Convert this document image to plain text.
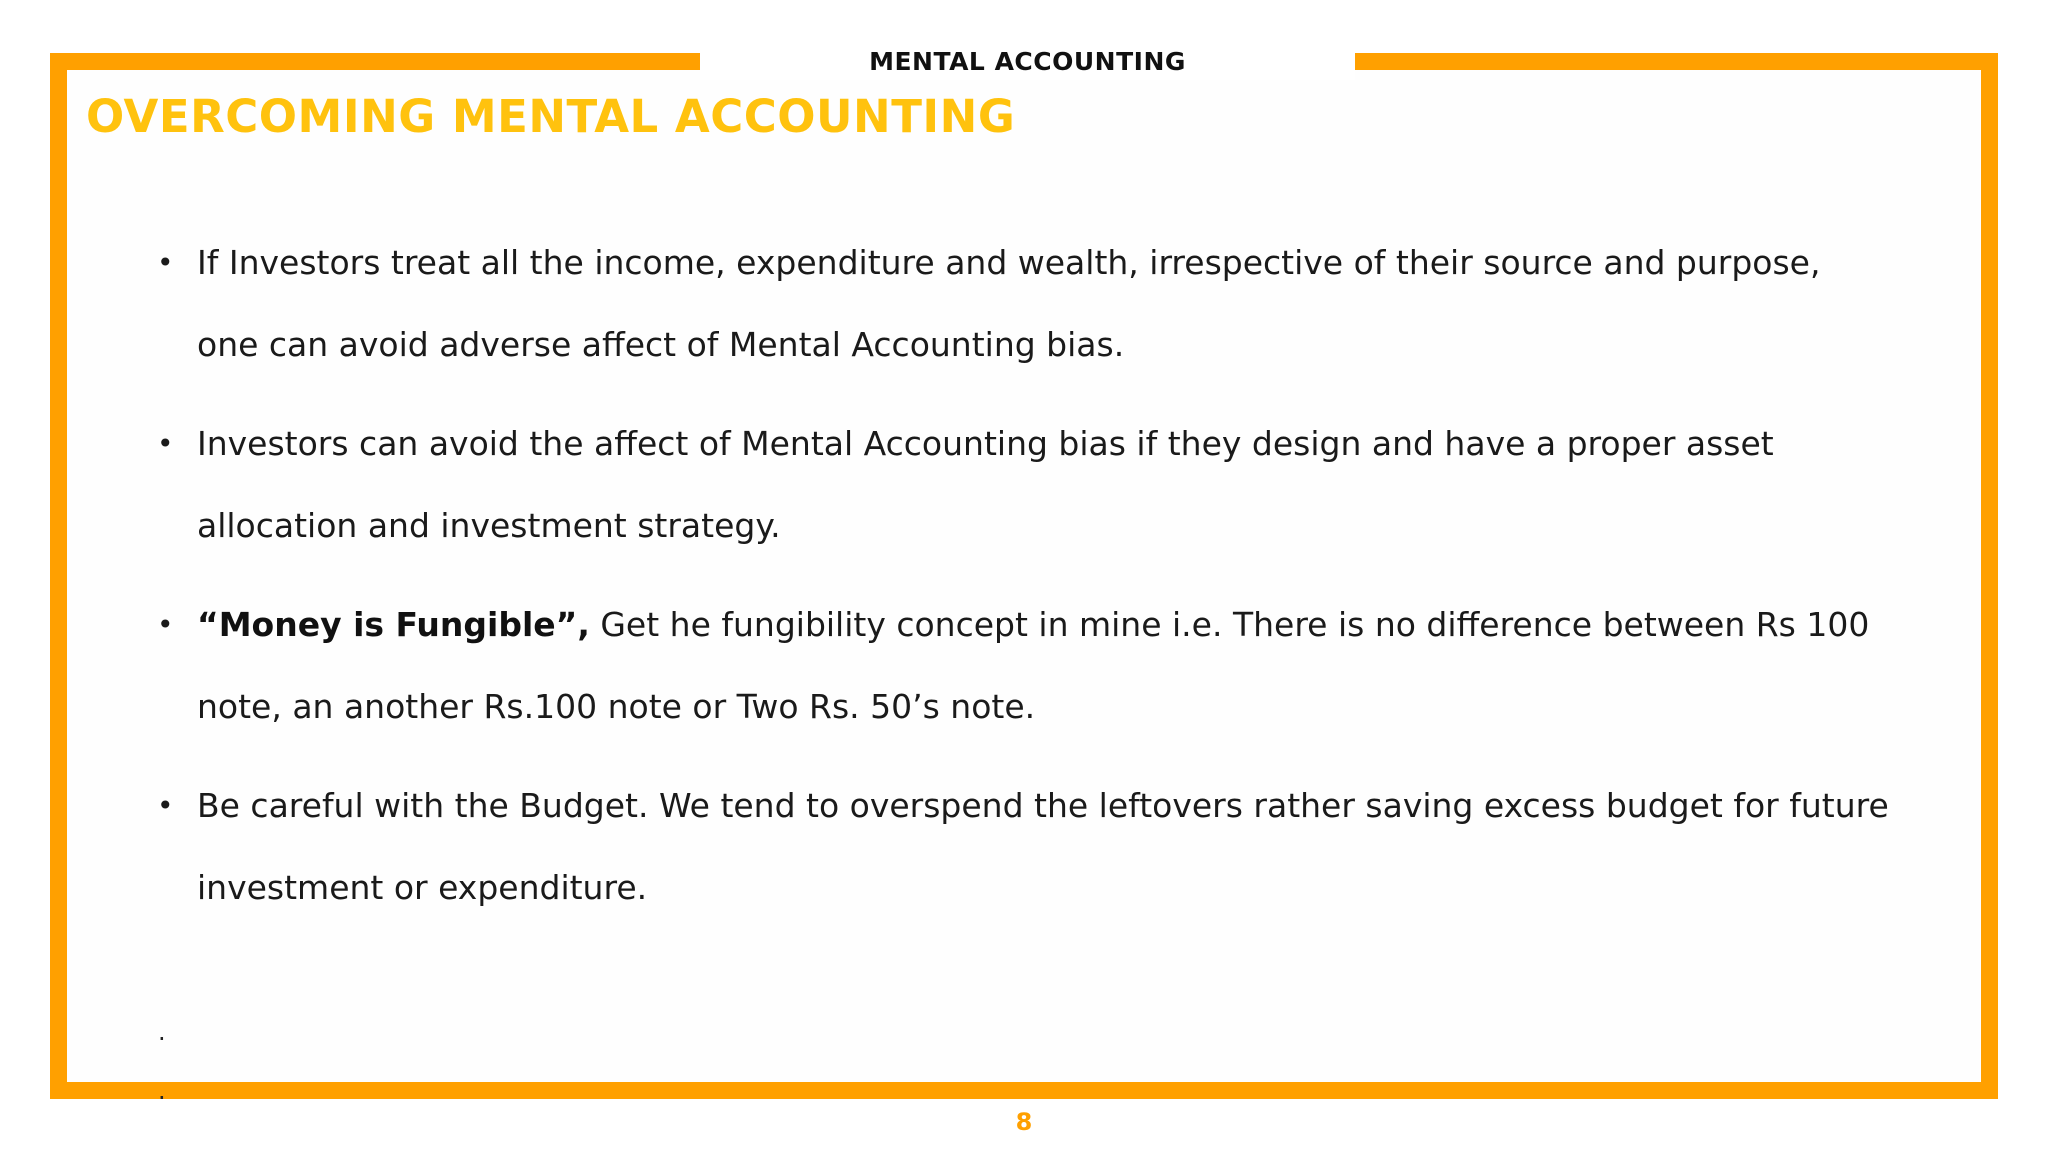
MENTAL ACCOUNTING
OVERCOMING MENTAL ACCOUNTING
• If Investors treat all the income, expenditure and wealth, irrespective of their source and purpose, one can avoid adverse affect of Mental Accounting bias.
• Investors can avoid the affect of Mental Accounting bias if they design and have a proper asset allocation and investment strategy.
• “Money is Fungible”, Get he fungibility concept in mine i.e. There is no difference between Rs 100 note, an another Rs.100 note or Two Rs. 50’s note.
• Be careful with the Budget. We tend to overspend the leftovers rather saving excess budget for future investment or expenditure.
.
.
8
